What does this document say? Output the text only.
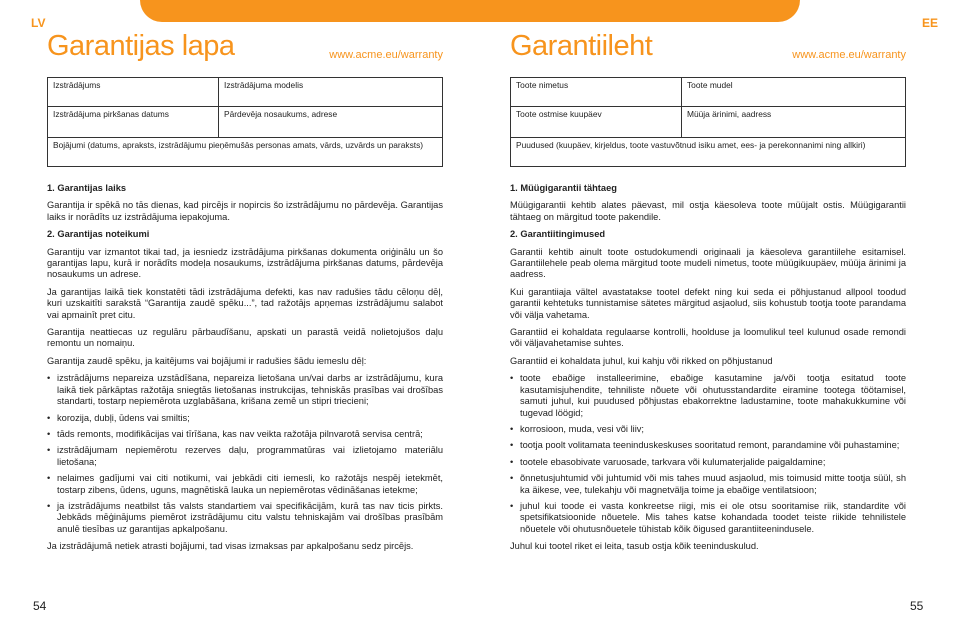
LV
Garantijas lapa	www.acme.eu/warranty
Izstrādājums	Izstrādājuma modelis
Izstrādājuma pirkšanas datums	Pārdevēja nosaukums, adrese
Bojājumi (datums, apraksts, izstrādājumu pieņēmušās personas amats, vārds, uzvārds un paraksts)	

1. Garantijas laiks

Garantija ir spēkā no tās dienas, kad pircējs ir nopircis šo izstrādājumu no pārdevēja. Garantijas laiks ir norādīts uz izstrādājuma iepakojuma.

2. Garantijas noteikumi

Garantiju var izmantot tikai tad, ja iesniedz izstrādājuma pirkšanas dokumenta oriģinālu un šo garantijas lapu, kurā ir norādīts modeļa nosaukums, izstrādājuma pirkšanas datums, pārdevēja nosaukums un adrese.

Ja garantijas laikā tiek konstatēti tādi izstrādājuma defekti, kas nav radušies tādu cēloņu dēļ, kuri uzskaitīti sarakstā “Garantija zaudē spēku...”, tad ražotājs apņemas izstrādājumu salabot vai apmainīt pret citu.

Garantija neattiecas uz regulāru pārbaudīšanu, apskati un parastā veidā nolietojušos daļu remontu un nomaiņu.

Garantija zaudē spēku, ja kaitējums vai bojājumi ir radušies šādu iemeslu dēļ:

• izstrādājums nepareiza uzstādīšana, nepareiza lietošana un/vai darbs ar izstrādājumu, kura laikā tiek pārkāptas ražotāja sniegtās lietošanas instrukcijas, tehniskās prasības vai drošības standarti, tostarp nepiemērota uzglabāšana, krišana zemē un stipri triecieni;
• korozija, dubļi, ūdens vai smiltis;
• tāds remonts, modifikācijas vai tīrīšana, kas nav veikta ražotāja pilnvarotā servisa centrā;
• izstrādājumam nepiemērotu rezerves daļu, programmatūras vai izlietojamo materiālu lietošana;
• nelaimes gadījumi vai citi notikumi, vai jebkādi citi iemesli, ko ražotājs nespēj ietekmēt, tostarp zibens, ūdens, uguns, magnētiskā lauka un nepiemērotas vēdināšanas ietekme;
• ja izstrādājums neatbilst tās valsts standartiem vai specifikācijām, kurā tas nav ticis pirkts. Jebkāds mēģinājums piemērot izstrādājumu citu valstu tehniskajām vai drošības prasībām anulē tiesības uz garantijas apkalpošanu.

Ja izstrādājumā netiek atrasti bojājumi, tad visas izmaksas par apkalpošanu sedz pircējs.

54
EE
Garantiileht	www.acme.eu/warranty
Toote nimetus	Toote mudel
Toote ostmise kuupäev	Müüja ärinimi, aadress
Puudused (kuupäev, kirjeldus, toote vastuvõtnud isiku amet, ees- ja perekonnanimi ning allkiri)	

1. Müügigarantii tähtaeg

Müügigarantii kehtib alates päevast, mil ostja käesoleva toote müüjalt ostis. Müügigarantii tähtaeg on märgitud toote pakendile.

2. Garantiitingimused

Garantii kehtib ainult toote ostudokumendi originaali ja käesoleva garantiilehe esitamisel. Garantiilehele peab olema märgitud toote mudeli nimetus, toote müügikuupäev, müüja ärinimi ja aadress.

Kui garantiiaja vältel avastatakse tootel defekt ning kui seda ei põhjustanud allpool toodud garantii kehtetuks tunnistamise sätetes märgitud asjaolud, siis kohustub tootja toote parandama või välja vahetama.

Garantiid ei kohaldata regulaarse kontrolli, hoolduse ja loomulikul teel kulunud osade remondi või väljavahetamise suhtes.

Garantiid ei kohaldata juhul, kui kahju või rikked on põhjustanud

• toote ebaõige installeerimine, ebaõige kasutamine ja/või tootja esitatud toote kasutamisjuhendite, tehniliste nõuete või ohutusstandardite eiramine tootega töötamisel, samuti juhul, kui puudused põhjustas ebakorrektne ladustamine, toote mahakukkumine või tugevad löögid;
• korrosioon, muda, vesi või liiv;
• tootja poolt volitamata teeninduskeskuses sooritatud remont, parandamine või puhastamine;
• tootele ebasobivate varuosade, tarkvara või kulumaterjalide paigaldamine;
• õnnetusjuhtumid või juhtumid või mis tahes muud asjaolud, mis toimusid mitte tootja süül, sh ka äikese, vee, tulekahju või magnetvälja toime ja ebaõige ventilatsioon;
• juhul kui toode ei vasta konkreetse riigi, mis ei ole otsu sooritamise riik, standardite või spetsifikatsioonide nõuetele. Mis tahes katse kohandada toodet teiste riikide tehnilistele nõuetele või ohutusnõuetele tühistab kõik õigused garantiiteenindusele.

Juhul kui tootel riket ei leita, tasub ostja kõik teeninduskulud.

55
